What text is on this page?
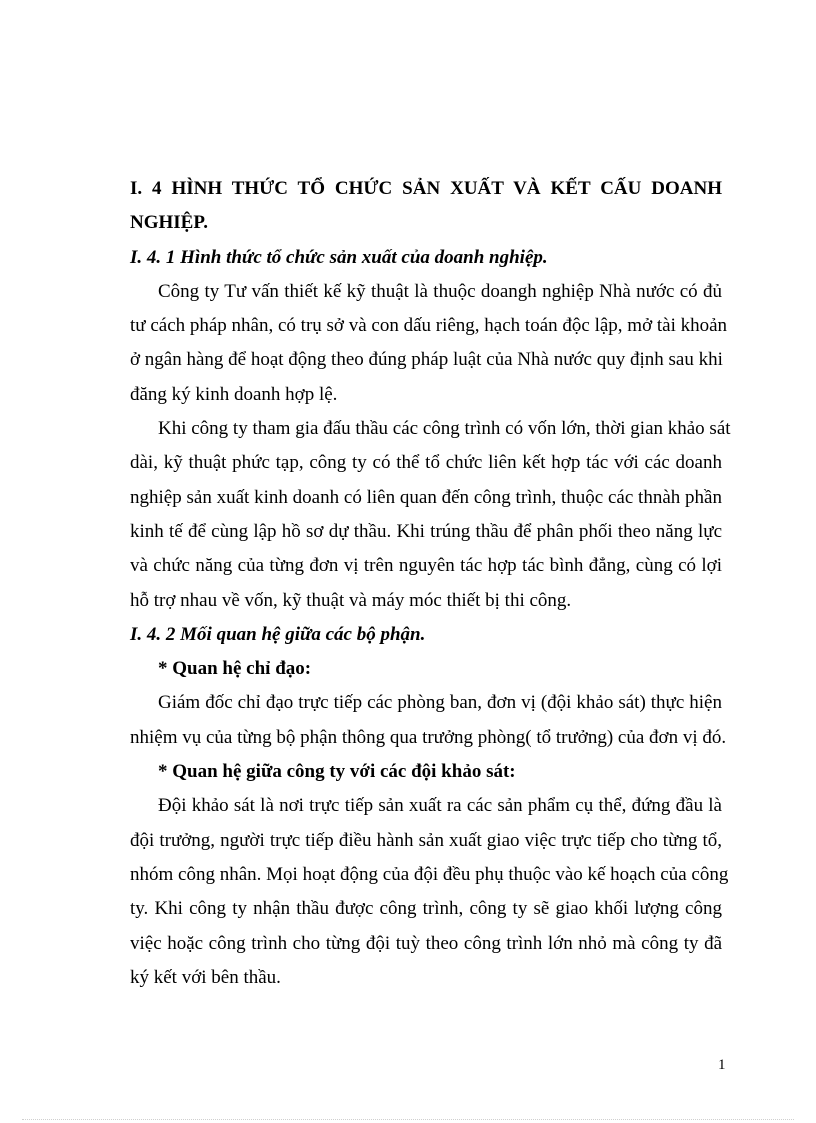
I. 4 HÌNH THỨC TỔ CHỨC SẢN XUẤT VÀ KẾT CẤU DOANH
NGHIỆP.
I. 4. 1 Hình thức tổ chức sản xuất của doanh nghiệp.
Công ty Tư vấn thiết kế kỹ thuật là thuộc doangh nghiệp Nhà nước có đủ
tư cách pháp nhân, có trụ sở và con dấu riêng, hạch toán độc lập, mở tài khoản
ở ngân hàng để hoạt động theo đúng pháp luật của Nhà nước quy định sau khi
đăng ký kinh doanh hợp lệ.
Khi công ty tham gia đấu thầu các công trình có vốn lớn, thời gian khảo sát
dài, kỹ thuật phức tạp, công ty có thể tổ chức liên kết hợp tác với các doanh
nghiệp sản xuất kinh doanh có liên quan đến công trình, thuộc các thnàh phần
kinh tế để cùng lập hồ sơ dự thầu. Khi trúng thầu để phân phối theo năng lực
và chức năng của từng đơn vị trên nguyên tác hợp tác bình đẳng, cùng có lợi
hỗ trợ nhau về vốn, kỹ thuật và máy móc thiết bị thi công.
I. 4. 2 Mối quan hệ giữa các bộ phận.
* Quan hệ chỉ đạo:
Giám đốc chỉ đạo trực tiếp các phòng ban, đơn vị (đội khảo sát) thực hiện
nhiệm vụ của từng bộ phận thông qua trưởng phòng( tổ trưởng) của đơn vị đó.
* Quan hệ giữa công ty với các đội khảo sát:
Đội khảo sát là nơi trực tiếp sản xuất ra các sản phẩm cụ thể, đứng đầu là
đội trưởng, người trực tiếp điều hành sản xuất giao việc trực tiếp cho từng tổ,
nhóm công nhân. Mọi hoạt động của đội đều phụ thuộc vào kế hoạch của công
ty. Khi công ty nhận thầu được công trình, công ty sẽ giao khối lượng công
việc hoặc công trình cho từng đội tuỳ theo công trình lớn nhỏ mà công ty đã
ký kết với bên thầu.
1
